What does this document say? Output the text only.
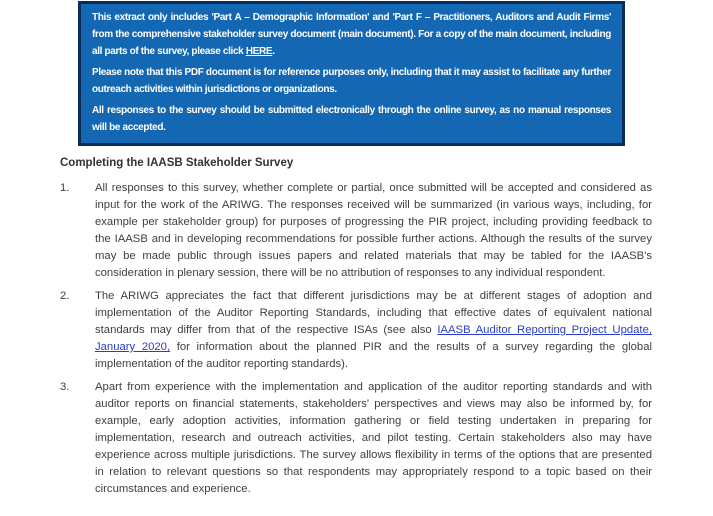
This extract only includes 'Part A – Demographic Information' and 'Part F – Practitioners, Auditors and Audit Firms' from the comprehensive stakeholder survey document (main document). For a copy of the main document, including all parts of the survey, please click HERE.

Please note that this PDF document is for reference purposes only, including that it may assist to facilitate any further outreach activities within jurisdictions or organizations.

All responses to the survey should be submitted electronically through the online survey, as no manual responses will be accepted.

Completing the IAASB Stakeholder Survey
1.	All responses to this survey, whether complete or partial, once submitted will be accepted and considered as input for the work of the ARIWG. The responses received will be summarized (in various ways, including, for example per stakeholder group) for purposes of progressing the PIR project, including providing feedback to the IAASB and in developing recommendations for possible further actions. Although the results of the survey may be made public through issues papers and related materials that may be tabled for the IAASB's consideration in plenary session, there will be no attribution of responses to any individual respondent.
2.	The ARIWG appreciates the fact that different jurisdictions may be at different stages of adoption and implementation of the Auditor Reporting Standards, including that effective dates of equivalent national standards may differ from that of the respective ISAs (see also IAASB Auditor Reporting Project Update, January 2020, for information about the planned PIR and the results of a survey regarding the global implementation of the auditor reporting standards).
3.	Apart from experience with the implementation and application of the auditor reporting standards and with auditor reports on financial statements, stakeholders' perspectives and views may also be informed by, for example, early adoption activities, information gathering or field testing undertaken in preparing for implementation, research and outreach activities, and pilot testing. Certain stakeholders also may have experience across multiple jurisdictions. The survey allows flexibility in terms of the options that are presented in relation to relevant questions so that respondents may appropriately respond to a topic based on their circumstances and experience.
